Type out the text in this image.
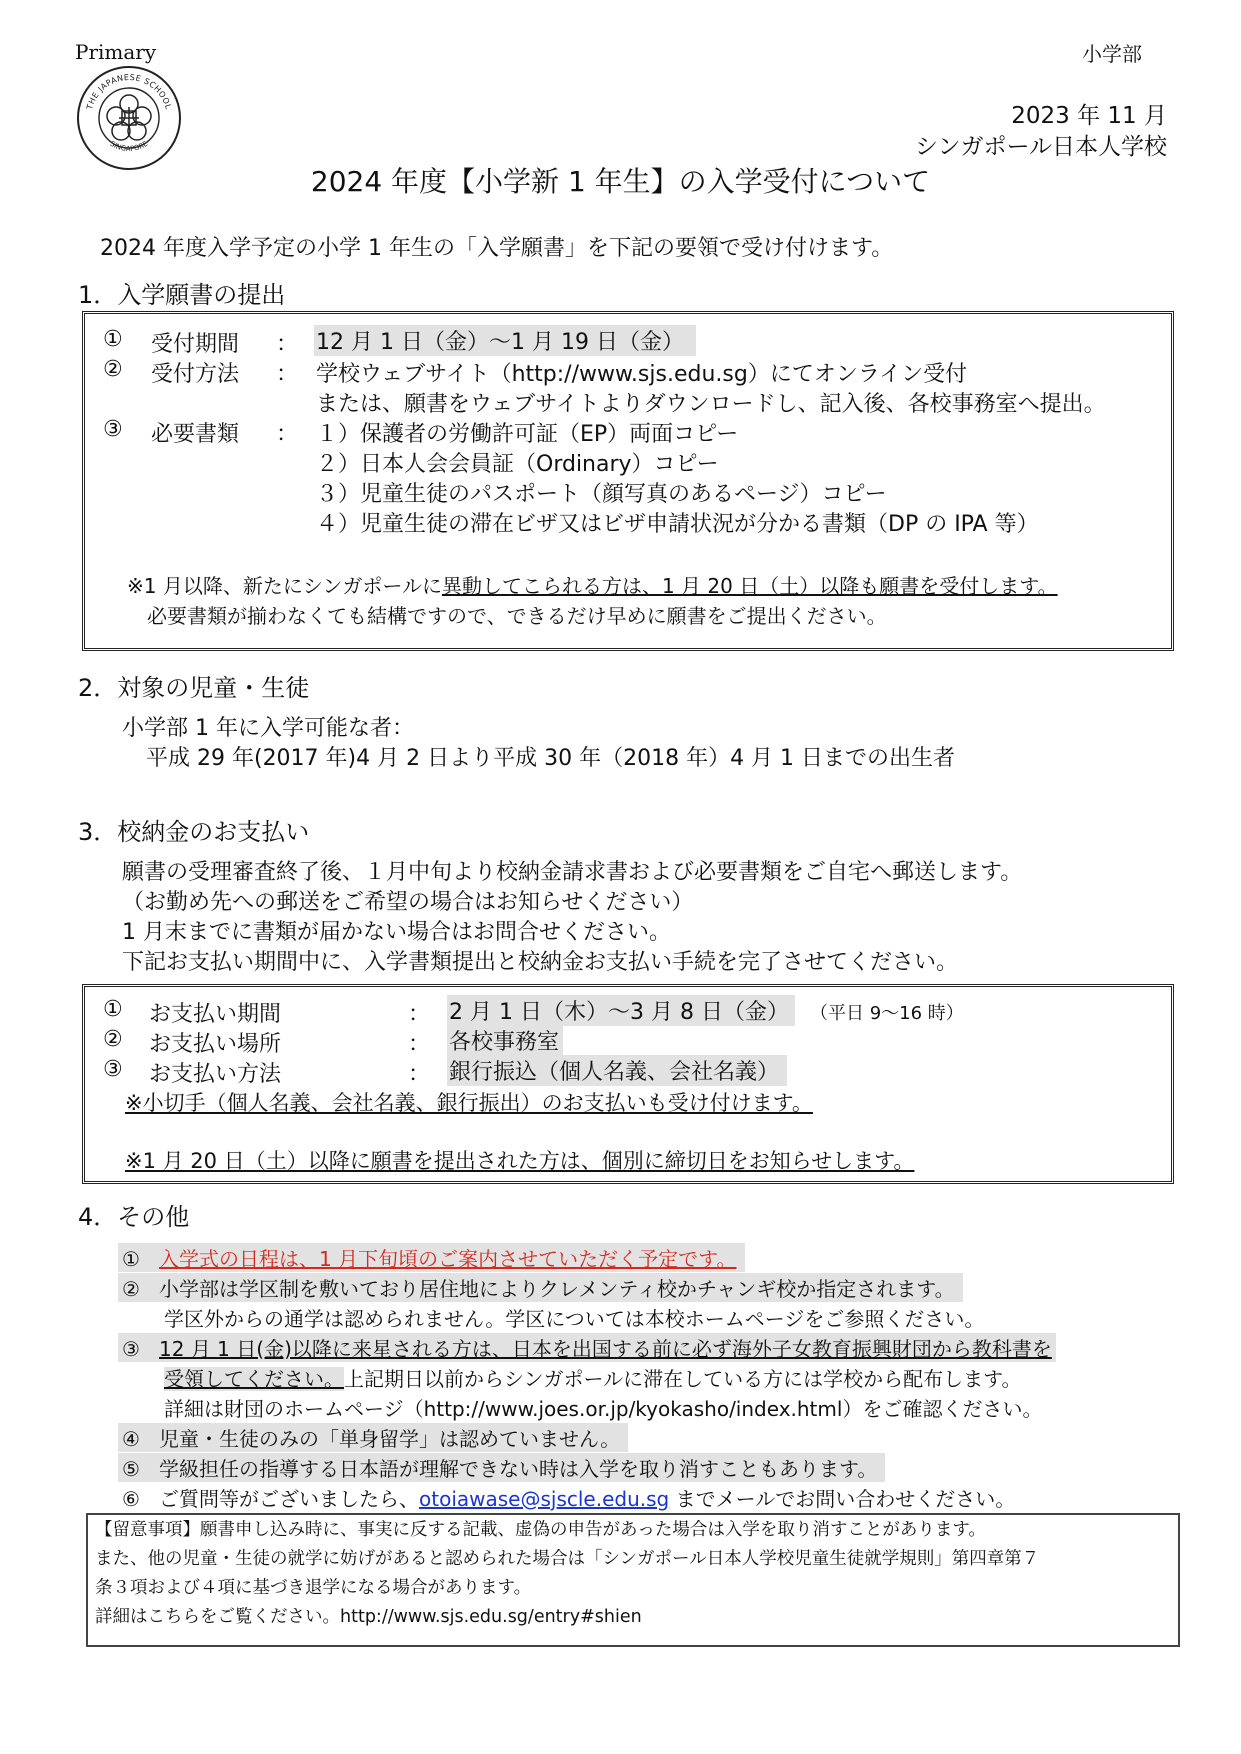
Primary	小学部
THE JAPANESE SCHOOL
SINGAPORE
2023 年 11 月
シンガポール日本人学校
2024 年度【小学新 1 年生】の入学受付について
2024 年度入学予定の小学 1 年生の「入学願書」を下記の要領で受け付けます。
1．入学願書の提出
① 受付期間 ： 12 月 1 日（金）～1 月 19 日（金）
② 受付方法 ： 学校ウェブサイト（http://www.sjs.edu.sg）にてオンライン受付
または、願書をウェブサイトよりダウンロードし、記入後、各校事務室へ提出。
③ 必要書類 ： １）保護者の労働許可証（EP）両面コピー
２）日本人会会員証（Ordinary）コピー
３）児童生徒のパスポート（顔写真のあるページ）コピー
４）児童生徒の滞在ビザ又はビザ申請状況が分かる書類（DP の IPA 等）
※1 月以降、新たにシンガポールに異動してこられる方は、1 月 20 日（土）以降も願書を受付します。
必要書類が揃わなくても結構ですので、できるだけ早めに願書をご提出ください。
2．対象の児童・生徒
小学部 1 年に入学可能な者：
平成 29 年(2017 年)4 月 2 日より平成 30 年（2018 年）4 月 1 日までの出生者
3．校納金のお支払い
願書の受理審査終了後、１月中旬より校納金請求書および必要書類をご自宅へ郵送します。
（お勤め先への郵送をご希望の場合はお知らせください）
1 月末までに書類が届かない場合はお問合せください。
下記お支払い期間中に、入学書類提出と校納金お支払い手続を完了させてください。
① お支払い期間	： 2 月 1 日（木）～3 月 8 日（金）	（平日 9～16 時）
② お支払い場所	： 各校事務室
③ お支払い方法	： 銀行振込（個人名義、会社名義）
※小切手（個人名義、会社名義、銀行振出）のお支払いも受け付けます。
※1 月 20 日（土）以降に願書を提出された方は、個別に締切日をお知らせします。
4．その他
① 入学式の日程は、1 月下旬頃のご案内させていただく予定です。
② 小学部は学区制を敷いており居住地によりクレメンティ校かチャンギ校か指定されます。
学区外からの通学は認められません。学区については本校ホームページをご参照ください。
③ 12 月 1 日(金)以降に来星される方は、日本を出国する前に必ず海外子女教育振興財団から教科書を
受領してください。上記期日以前からシンガポールに滞在している方には学校から配布します。
詳細は財団のホームページ（http://www.joes.or.jp/kyokasho/index.html）をご確認ください。
④ 児童・生徒のみの「単身留学」は認めていません。
⑤ 学級担任の指導する日本語が理解できない時は入学を取り消すこともあります。
⑥ ご質問等がございましたら、otoiawase@sjscle.edu.sg までメールでお問い合わせください。
【留意事項】願書申し込み時に、事実に反する記載、虚偽の申告があった場合は入学を取り消すことがあります。
また、他の児童・生徒の就学に妨げがあると認められた場合は「シンガポール日本人学校児童生徒就学規則」第四章第７
条３項および４項に基づき退学になる場合があります。
詳細はこちらをご覧ください。http://www.sjs.edu.sg/entry#shien
